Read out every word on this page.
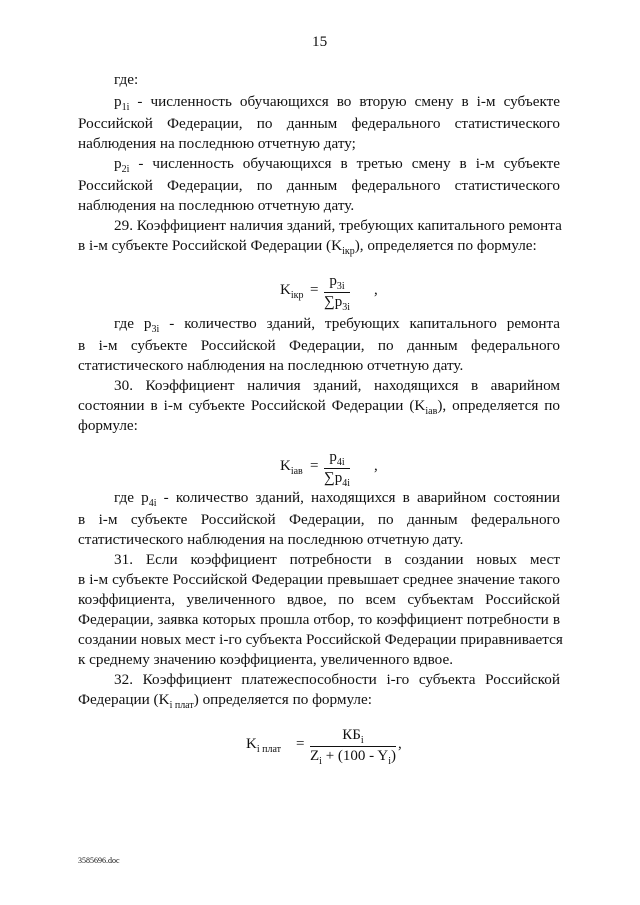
15
где:
$p_{1i}$ - численность обучающихся во вторую смену в i-м субъекте
Российской Федерации, по данным федерального статистического
наблюдения на последнюю отчетную дату;
$p_{2i}$ - численность обучающихся в третью смену в i-м субъекте
Российской Федерации, по данным федерального статистического
наблюдения на последнюю отчетную дату.
29. Коэффициент наличия зданий, требующих капитального ремонта
в i-м субъекте Российской Федерации $(K_{iкр})$, определяется по формуле:
$K_{iкр} = \frac{p_{3i}}{\sum p_{3i}}$ ,
где $p_{3i}$ - количество зданий, требующих капитального ремонта
в i-м субъекте Российской Федерации, по данным федерального
статистического наблюдения на последнюю отчетную дату.
30. Коэффициент наличия зданий, находящихся в аварийном
состоянии в i-м субъекте Российской Федерации $(K_{iав})$, определяется по
формуле:
$K_{iав} = \frac{p_{4i}}{\sum p_{4i}}$ ,
где $p_{4i}$ - количество зданий, находящихся в аварийном состоянии
в i-м субъекте Российской Федерации, по данным федерального
статистического наблюдения на последнюю отчетную дату.
31. Если коэффициент потребности в создании новых мест
в i-м субъекте Российской Федерации превышает среднее значение такого
коэффициента, увеличенного вдвое, по всем субъектам Российской
Федерации, заявка которых прошла отбор, то коэффициент потребности в
создании новых мест i-го субъекта Российской Федерации приравнивается
к среднему значению коэффициента, увеличенного вдвое.
32. Коэффициент платежеспособности i-го субъекта Российской
Федерации $(K_{i плат})$ определяется по формуле:
$K_{i плат}$ =
$КБ_i$
$Z_i + (100 - Y_i)$
,
3585696.doc
